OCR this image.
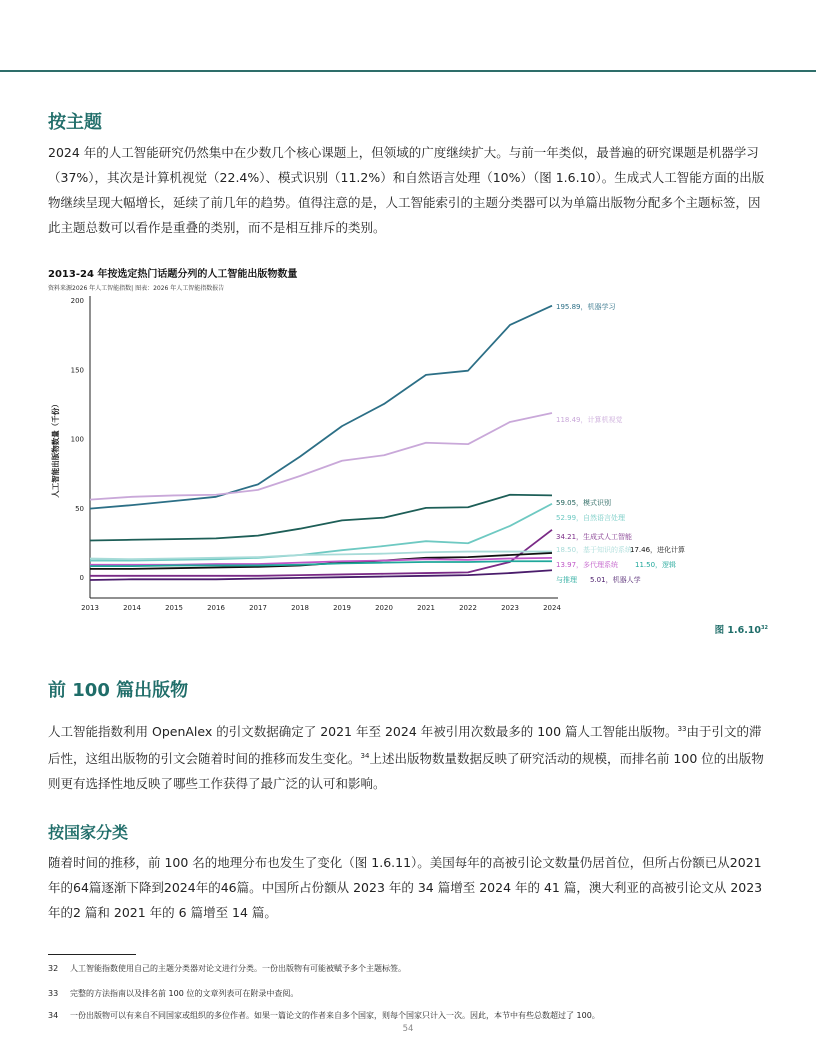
按主题
2024 年的人工智能研究仍然集中在少数几个核心课题上，但领域的广度继续扩大。与前一年类似，最普遍的研究课题是机器学习（37%），其次是计算机视觉（22.4%）、模式识别（11.2%）和自然语言处理（10%）（图 1.6.10）。生成式人工智能方面的出版物继续呈现大幅增长，延续了前几年的趋势。值得注意的是，人工智能索引的主题分类器可以为单篇出版物分配多个主题标签，因此主题总数可以看作是重叠的类别，而不是相互排斥的类别。
2013-24 年按选定热门话题分列的人工智能出版物数量
资料来源2026 年人工智能指数| 图表：2026 年人工智能指数报告
0
50
100
150
200
2013	2014	2015	2016	2017	2018	2019	2020	2021	2022	2023	2024
人工智能出版物数量（千份）
195.89，机器学习
118.49，计算机视觉
59.05，模式识别
52.99，自然语言处理
34.21，生成式人工智能
18.50，基于知识的系统
17.46，进化计算
13.97，多代理系统 11.50，逻辑
5.01，机器人学
与推理
图 1.6.10$^{32}$
前 100 篇出版物
人工智能指数利用 OpenAlex 的引文数据确定了 2021 年至 2024 年被引用次数最多的 100 篇人工智能出版物。$^{33}$由于引文的滞后性，这组出版物的引文会随着时间的推移而发生变化。$^{34}$上述出版物数量数据反映了研究活动的规模，而排名前 100 位的出版物则更有选择性地反映了哪些工作获得了最广泛的认可和影响。
按国家分类
随着时间的推移，前 100 名的地理分布也发生了变化（图 1.6.11）。美国每年的高被引论文数量仍居首位，但所占份额已从2021 年的64篇逐渐下降到2024年的46篇。中国所占份额从 2023 年的 34 篇增至 2024 年的 41 篇，澳大利亚的高被引论文从 2023 年的2 篇和 2021 年的 6 篇增至 14 篇。
32 人工智能指数使用自己的主题分类器对论文进行分类。一份出版物有可能被赋予多个主题标签。
33 完整的方法指南以及排名前 100 位的文章列表可在附录中查阅。
34 一份出版物可以有来自不同国家或组织的多位作者。如果一篇论文的作者来自多个国家，则每个国家只计入一次。因此，本节中有些总数超过了 100。
54
